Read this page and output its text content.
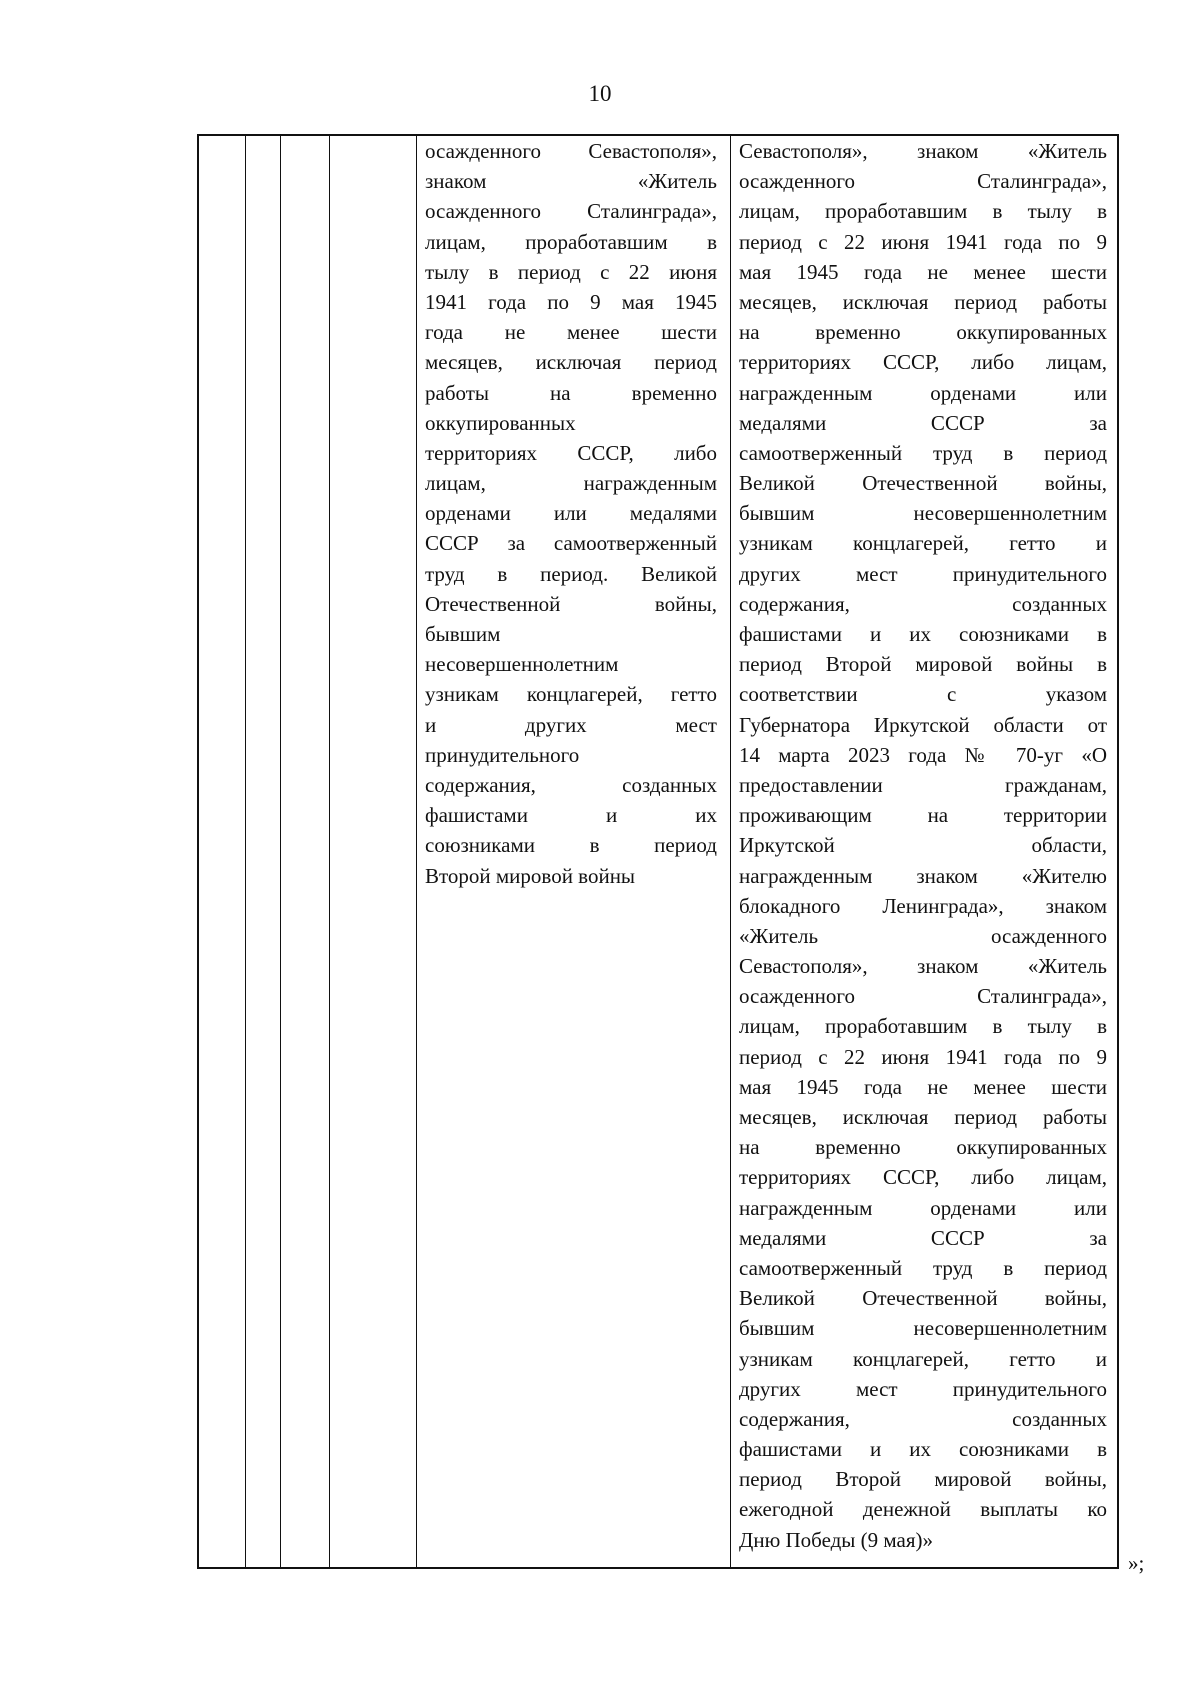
10
осажденного Севастополя»,
знаком «Житель
осажденного Сталинграда»,
лицам, проработавшим в
тылу в период с 22 июня
1941 года по 9 мая 1945
года не менее шести
месяцев, исключая период
работы на временно
оккупированных
территориях СССР, либо
лицам, награжденным
орденами или медалями
СССР за самоотверженный
труд в период. Великой
Отечественной войны,
бывшим
несовершеннолетним
узникам концлагерей, гетто
и других мест
принудительного
содержания, созданных
фашистами и их
союзниками в период
Второй мировой войны
Севастополя», знаком «Житель
осажденного Сталинграда»,
лицам, проработавшим в тылу в
период с 22 июня 1941 года по 9
мая 1945 года не менее шести
месяцев, исключая период работы
на временно оккупированных
территориях СССР, либо лицам,
награжденным орденами или
медалями СССР за
самоотверженный труд в период
Великой Отечественной войны,
бывшим несовершеннолетним
узникам концлагерей, гетто и
других мест принудительного
содержания, созданных
фашистами и их союзниками в
период Второй мировой войны в
соответствии с указом
Губернатора Иркутской области от
14 марта 2023 года № 70-уг «О
предоставлении гражданам,
проживающим на территории
Иркутской области,
награжденным знаком «Жителю
блокадного Ленинграда», знаком
«Житель осажденного
Севастополя», знаком «Житель
осажденного Сталинграда»,
лицам, проработавшим в тылу в
период с 22 июня 1941 года по 9
мая 1945 года не менее шести
месяцев, исключая период работы
на временно оккупированных
территориях СССР, либо лицам,
награжденным орденами или
медалями СССР за
самоотверженный труд в период
Великой Отечественной войны,
бывшим несовершеннолетним
узникам концлагерей, гетто и
других мест принудительного
содержания, созданных
фашистами и их союзниками в
период Второй мировой войны,
ежегодной денежной выплаты ко
Дню Победы (9 мая)»
»;
